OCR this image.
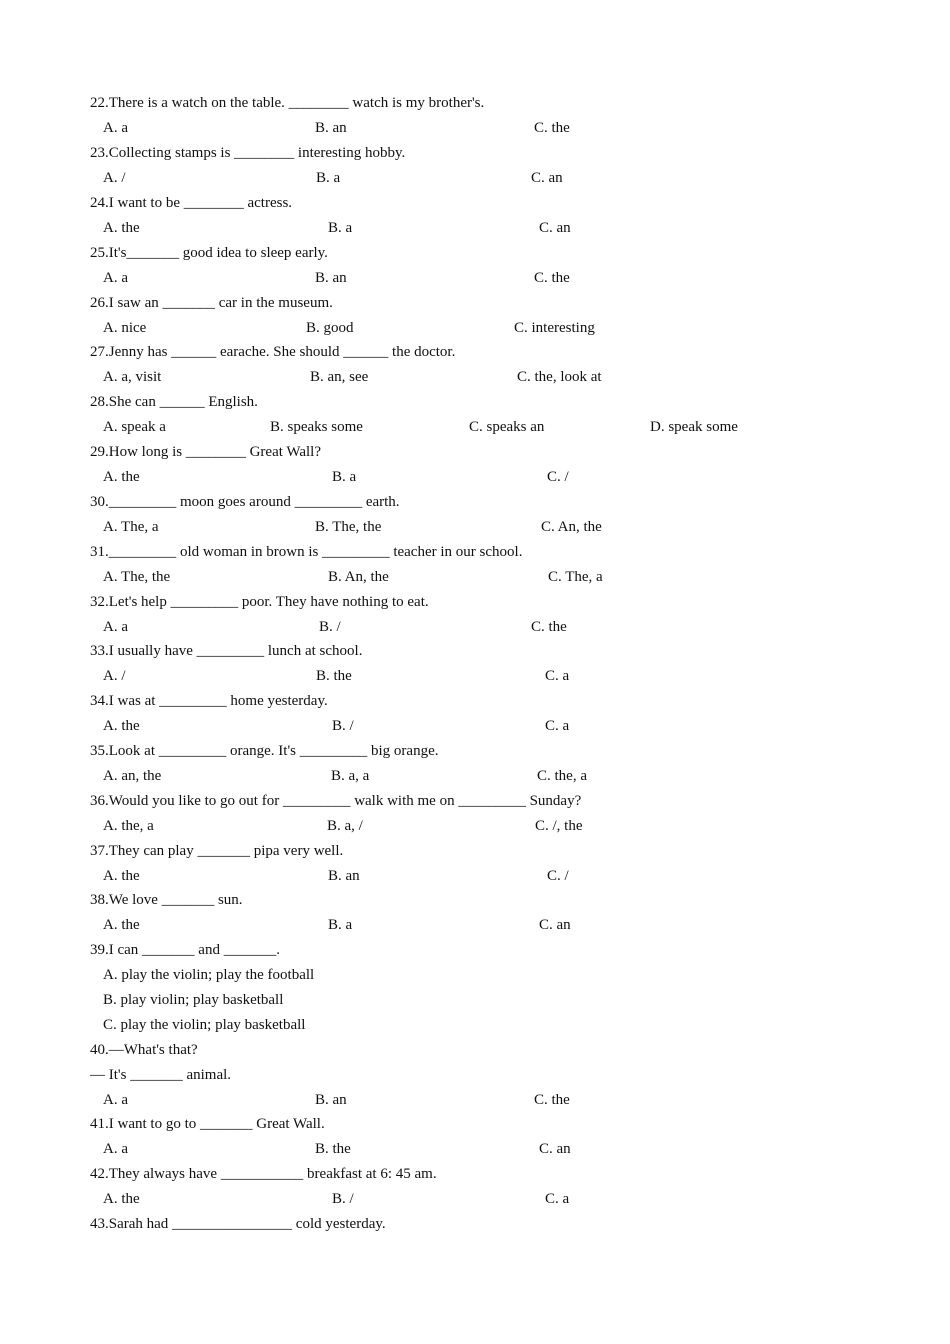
22.There is a watch on the table. ________ watch is my brother's.
A. a	B. an	C. the
23.Collecting stamps is ________ interesting hobby.
A. /	B. a	C. an
24.I want to be ________ actress.
A. the	B. a	C. an
25.It's_______ good idea to sleep early.
A. a	B. an	C. the
26.I saw an _______ car in the museum.
A. nice	B. good	C. interesting
27.Jenny has ______ earache. She should ______ the doctor.
A. a, visit	B. an, see	C. the, look at
28.She can ______ English.
A. speak a	B. speaks some	C. speaks an	D. speak some
29.How long is ________ Great Wall?
A. the	B. a	C. /
30._________ moon goes around _________ earth.
A. The, a	B. The, the	C. An, the
31._________ old woman in brown is _________ teacher in our school.
A. The, the	B. An, the	C. The, a
32.Let's help _________ poor. They have nothing to eat.
A. a	B. /	C. the
33.I usually have _________ lunch at school.
A. /	B. the	C. a
34.I was at _________ home yesterday.
A. the	B. /	C. a
35.Look at _________ orange. It's _________ big orange.
A. an, the	B. a, a	C. the, a
36.Would you like to go out for _________ walk with me on _________ Sunday?
A. the, a	B. a, /	C. /, the
37.They can play _______ pipa very well.
A. the	B. an	C. /
38.We love _______ sun.
A. the	B. a	C. an
39.I can _______ and _______.
A. play the violin; play the football
B. play violin; play basketball
C. play the violin; play basketball
40.—What's that?
— It's _______ animal.
A. a	B. an	C. the
41.I want to go to _______ Great Wall.
A. a	B. the	C. an
42.They always have ___________ breakfast at 6: 45 am.
A. the	B. /	C. a
43.Sarah had ________________ cold yesterday.
